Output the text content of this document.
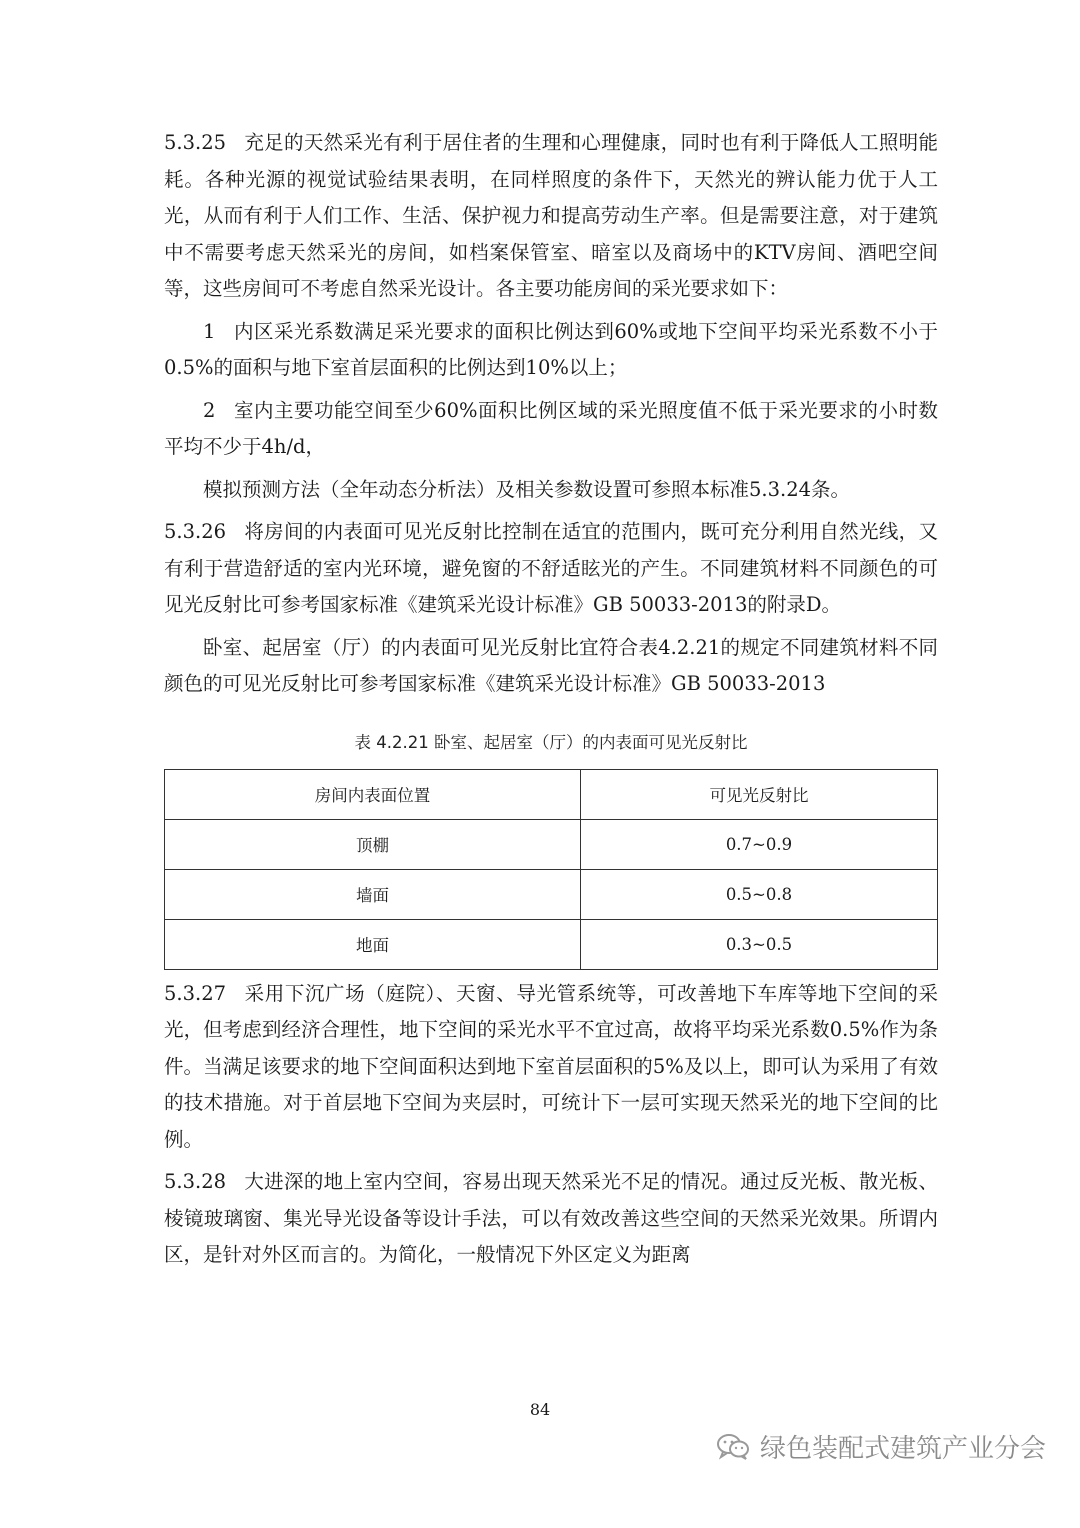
5.3.25 充足的天然采光有利于居住者的生理和心理健康，同时也有利于降低人工照明能耗。各种光源的视觉试验结果表明，在同样照度的条件下，天然光的辨认能力优于人工光，从而有利于人们工作、生活、保护视力和提高劳动生产率。但是需要注意，对于建筑中不需要考虑天然采光的房间，如档案保管室、暗室以及商场中的KTV房间、酒吧空间等，这些房间可不考虑自然采光设计。各主要功能房间的采光要求如下：

1 内区采光系数满足采光要求的面积比例达到60%或地下空间平均采光系数不小于0.5%的面积与地下室首层面积的比例达到10%以上；

2 室内主要功能空间至少60%面积比例区域的采光照度值不低于采光要求的小时数平均不少于4h/d，

模拟预测方法（全年动态分析法）及相关参数设置可参照本标准5.3.24条。

5.3.26 将房间的内表面可见光反射比控制在适宜的范围内，既可充分利用自然光线，又有利于营造舒适的室内光环境，避免窗的不舒适眩光的产生。不同建筑材料不同颜色的可见光反射比可参考国家标准《建筑采光设计标准》GB 50033-2013的附录D。

卧室、起居室（厅）的内表面可见光反射比宜符合表4.2.21的规定不同建筑材料不同颜色的可见光反射比可参考国家标准《建筑采光设计标准》GB 50033-2013

表 4.2.21 卧室、起居室（厅）的内表面可见光反射比
房间内表面位置	可见光反射比
顶棚	0.7~0.9
墙面	0.5~0.8
地面	0.3~0.5

5.3.27 采用下沉广场（庭院）、天窗、导光管系统等，可改善地下车库等地下空间的采光，但考虑到经济合理性，地下空间的采光水平不宜过高，故将平均采光系数0.5%作为条件。当满足该要求的地下空间面积达到地下室首层面积的5%及以上，即可认为采用了有效的技术措施。对于首层地下空间为夹层时，可统计下一层可实现天然采光的地下空间的比例。

5.3.28 大进深的地上室内空间，容易出现天然采光不足的情况。通过反光板、散光板、棱镜玻璃窗、集光导光设备等设计手法，可以有效改善这些空间的天然采光效果。所谓内区，是针对外区而言的。为简化，一般情况下外区定义为距离

84
绿色装配式建筑产业分会
